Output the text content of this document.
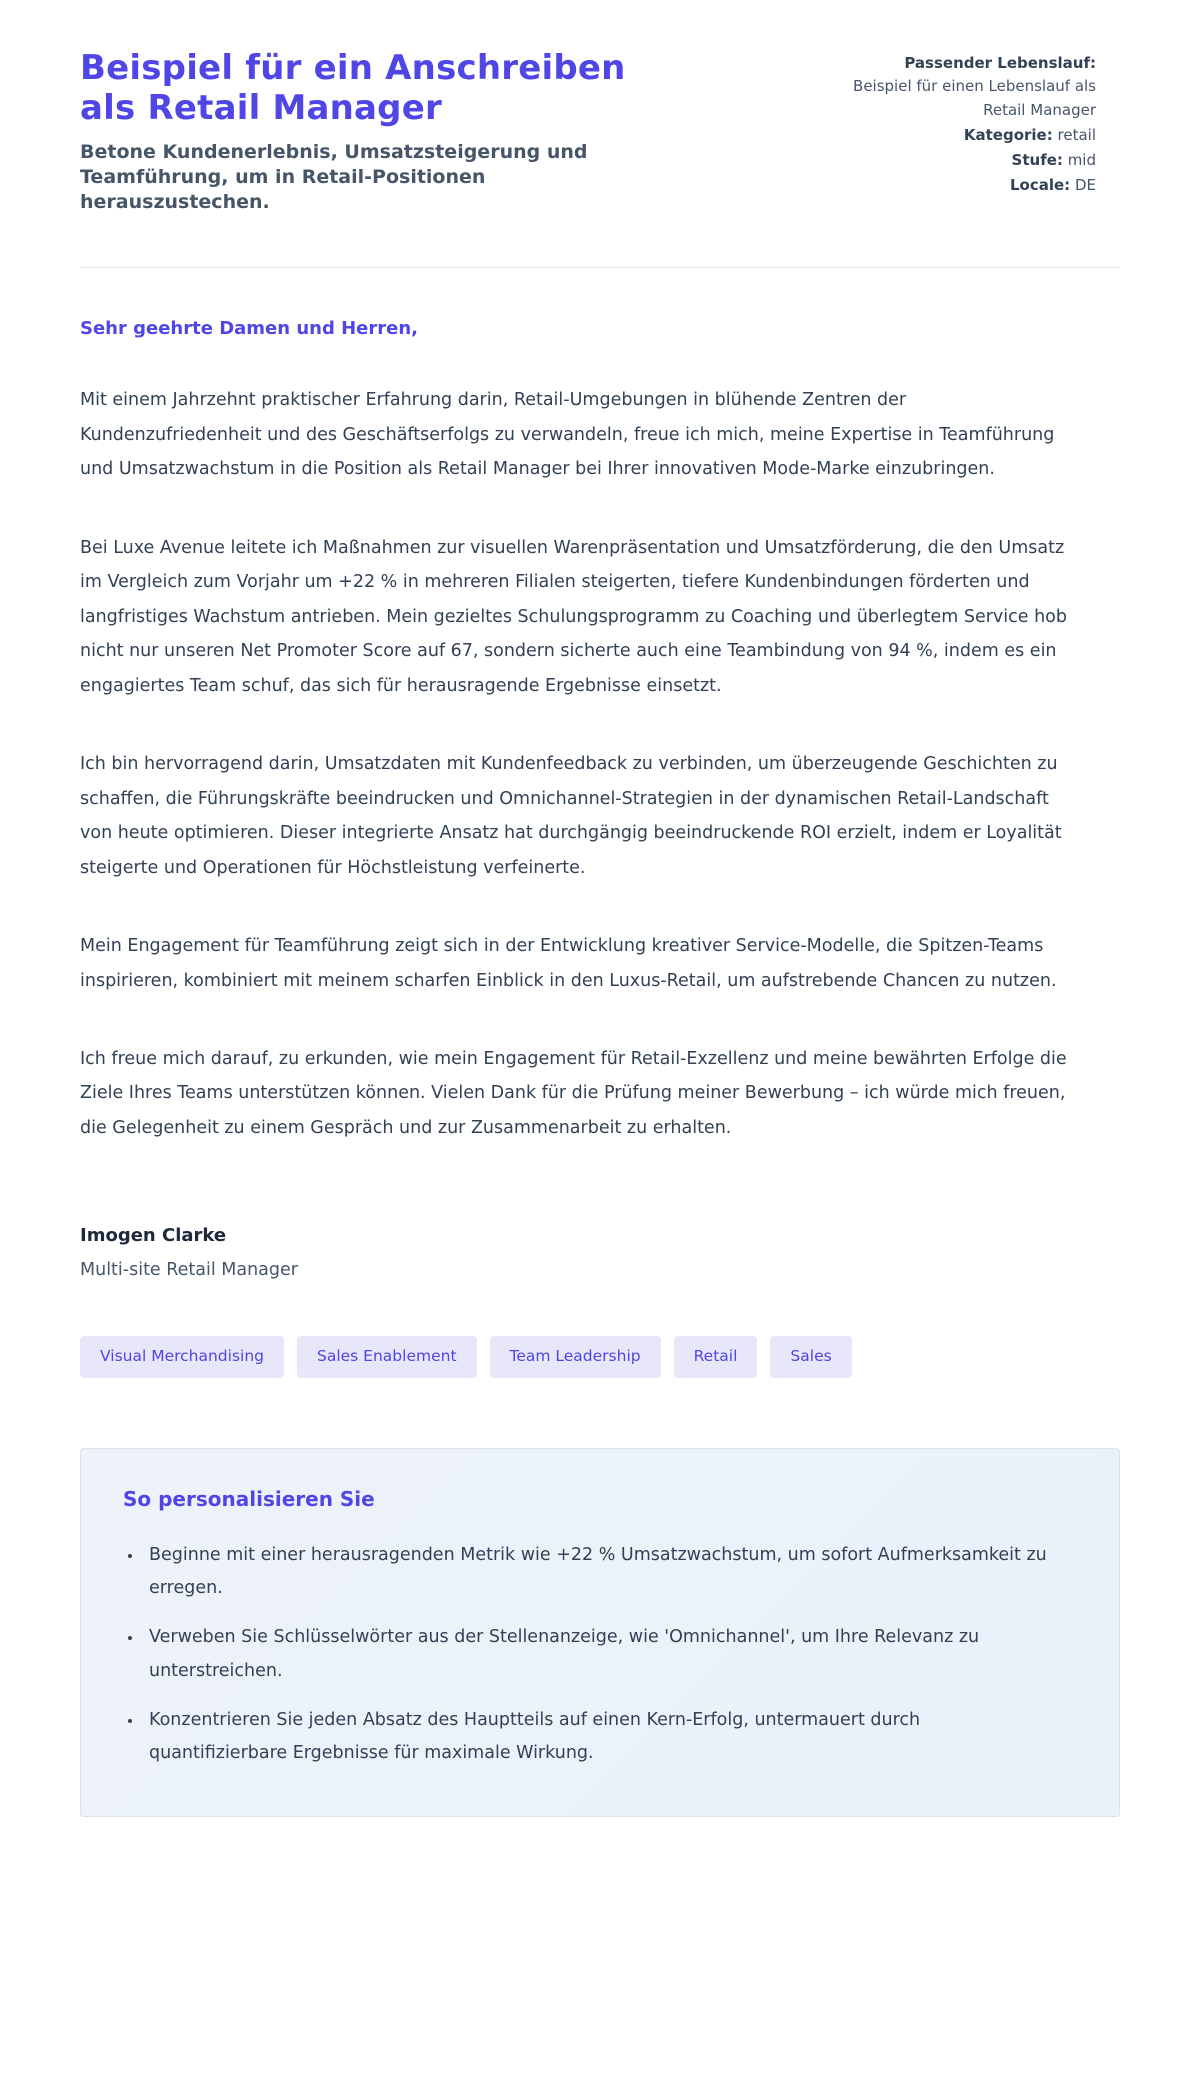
Beispiel für ein Anschreiben als Retail Manager
Betone Kundenerlebnis, Umsatzsteigerung und Teamführung, um in Retail-Positionen herauszustechen.
Passender Lebenslauf:
Beispiel für einen Lebenslauf als Retail Manager
Kategorie: retail
Stufe: mid
Locale: DE
Sehr geehrte Damen und Herren,

Mit einem Jahrzehnt praktischer Erfahrung darin, Retail-Umgebungen in blühende Zentren der Kundenzufriedenheit und des Geschäftserfolgs zu verwandeln, freue ich mich, meine Expertise in Teamführung und Umsatzwachstum in die Position als Retail Manager bei Ihrer innovativen Mode-Marke einzubringen.

Bei Luxe Avenue leitete ich Maßnahmen zur visuellen Warenpräsentation und Umsatzförderung, die den Umsatz im Vergleich zum Vorjahr um +22 % in mehreren Filialen steigerten, tiefere Kundenbindungen förderten und langfristiges Wachstum antrieben. Mein gezieltes Schulungsprogramm zu Coaching und überlegtem Service hob nicht nur unseren Net Promoter Score auf 67, sondern sicherte auch eine Teambindung von 94 %, indem es ein engagiertes Team schuf, das sich für herausragende Ergebnisse einsetzt.

Ich bin hervorragend darin, Umsatzdaten mit Kundenfeedback zu verbinden, um überzeugende Geschichten zu schaffen, die Führungskräfte beeindrucken und Omnichannel-Strategien in der dynamischen Retail-Landschaft von heute optimieren. Dieser integrierte Ansatz hat durchgängig beeindruckende ROI erzielt, indem er Loyalität steigerte und Operationen für Höchstleistung verfeinerte.

Mein Engagement für Teamführung zeigt sich in der Entwicklung kreativer Service-Modelle, die Spitzen-Teams inspirieren, kombiniert mit meinem scharfen Einblick in den Luxus-Retail, um aufstrebende Chancen zu nutzen.

Ich freue mich darauf, zu erkunden, wie mein Engagement für Retail-Exzellenz und meine bewährten Erfolge die Ziele Ihres Teams unterstützen können. Vielen Dank für die Prüfung meiner Bewerbung – ich würde mich freuen, die Gelegenheit zu einem Gespräch und zur Zusammenarbeit zu erhalten.

Imogen Clarke
Multi-site Retail Manager
Visual Merchandising	Sales Enablement	Team Leadership	Retail	Sales
So personalisieren Sie
• Beginne mit einer herausragenden Metrik wie +22 % Umsatzwachstum, um sofort Aufmerksamkeit zu erregen.
• Verweben Sie Schlüsselwörter aus der Stellenanzeige, wie 'Omnichannel', um Ihre Relevanz zu unterstreichen.
• Konzentrieren Sie jeden Absatz des Hauptteils auf einen Kern-Erfolg, untermauert durch quantifizierbare Ergebnisse für maximale Wirkung.
